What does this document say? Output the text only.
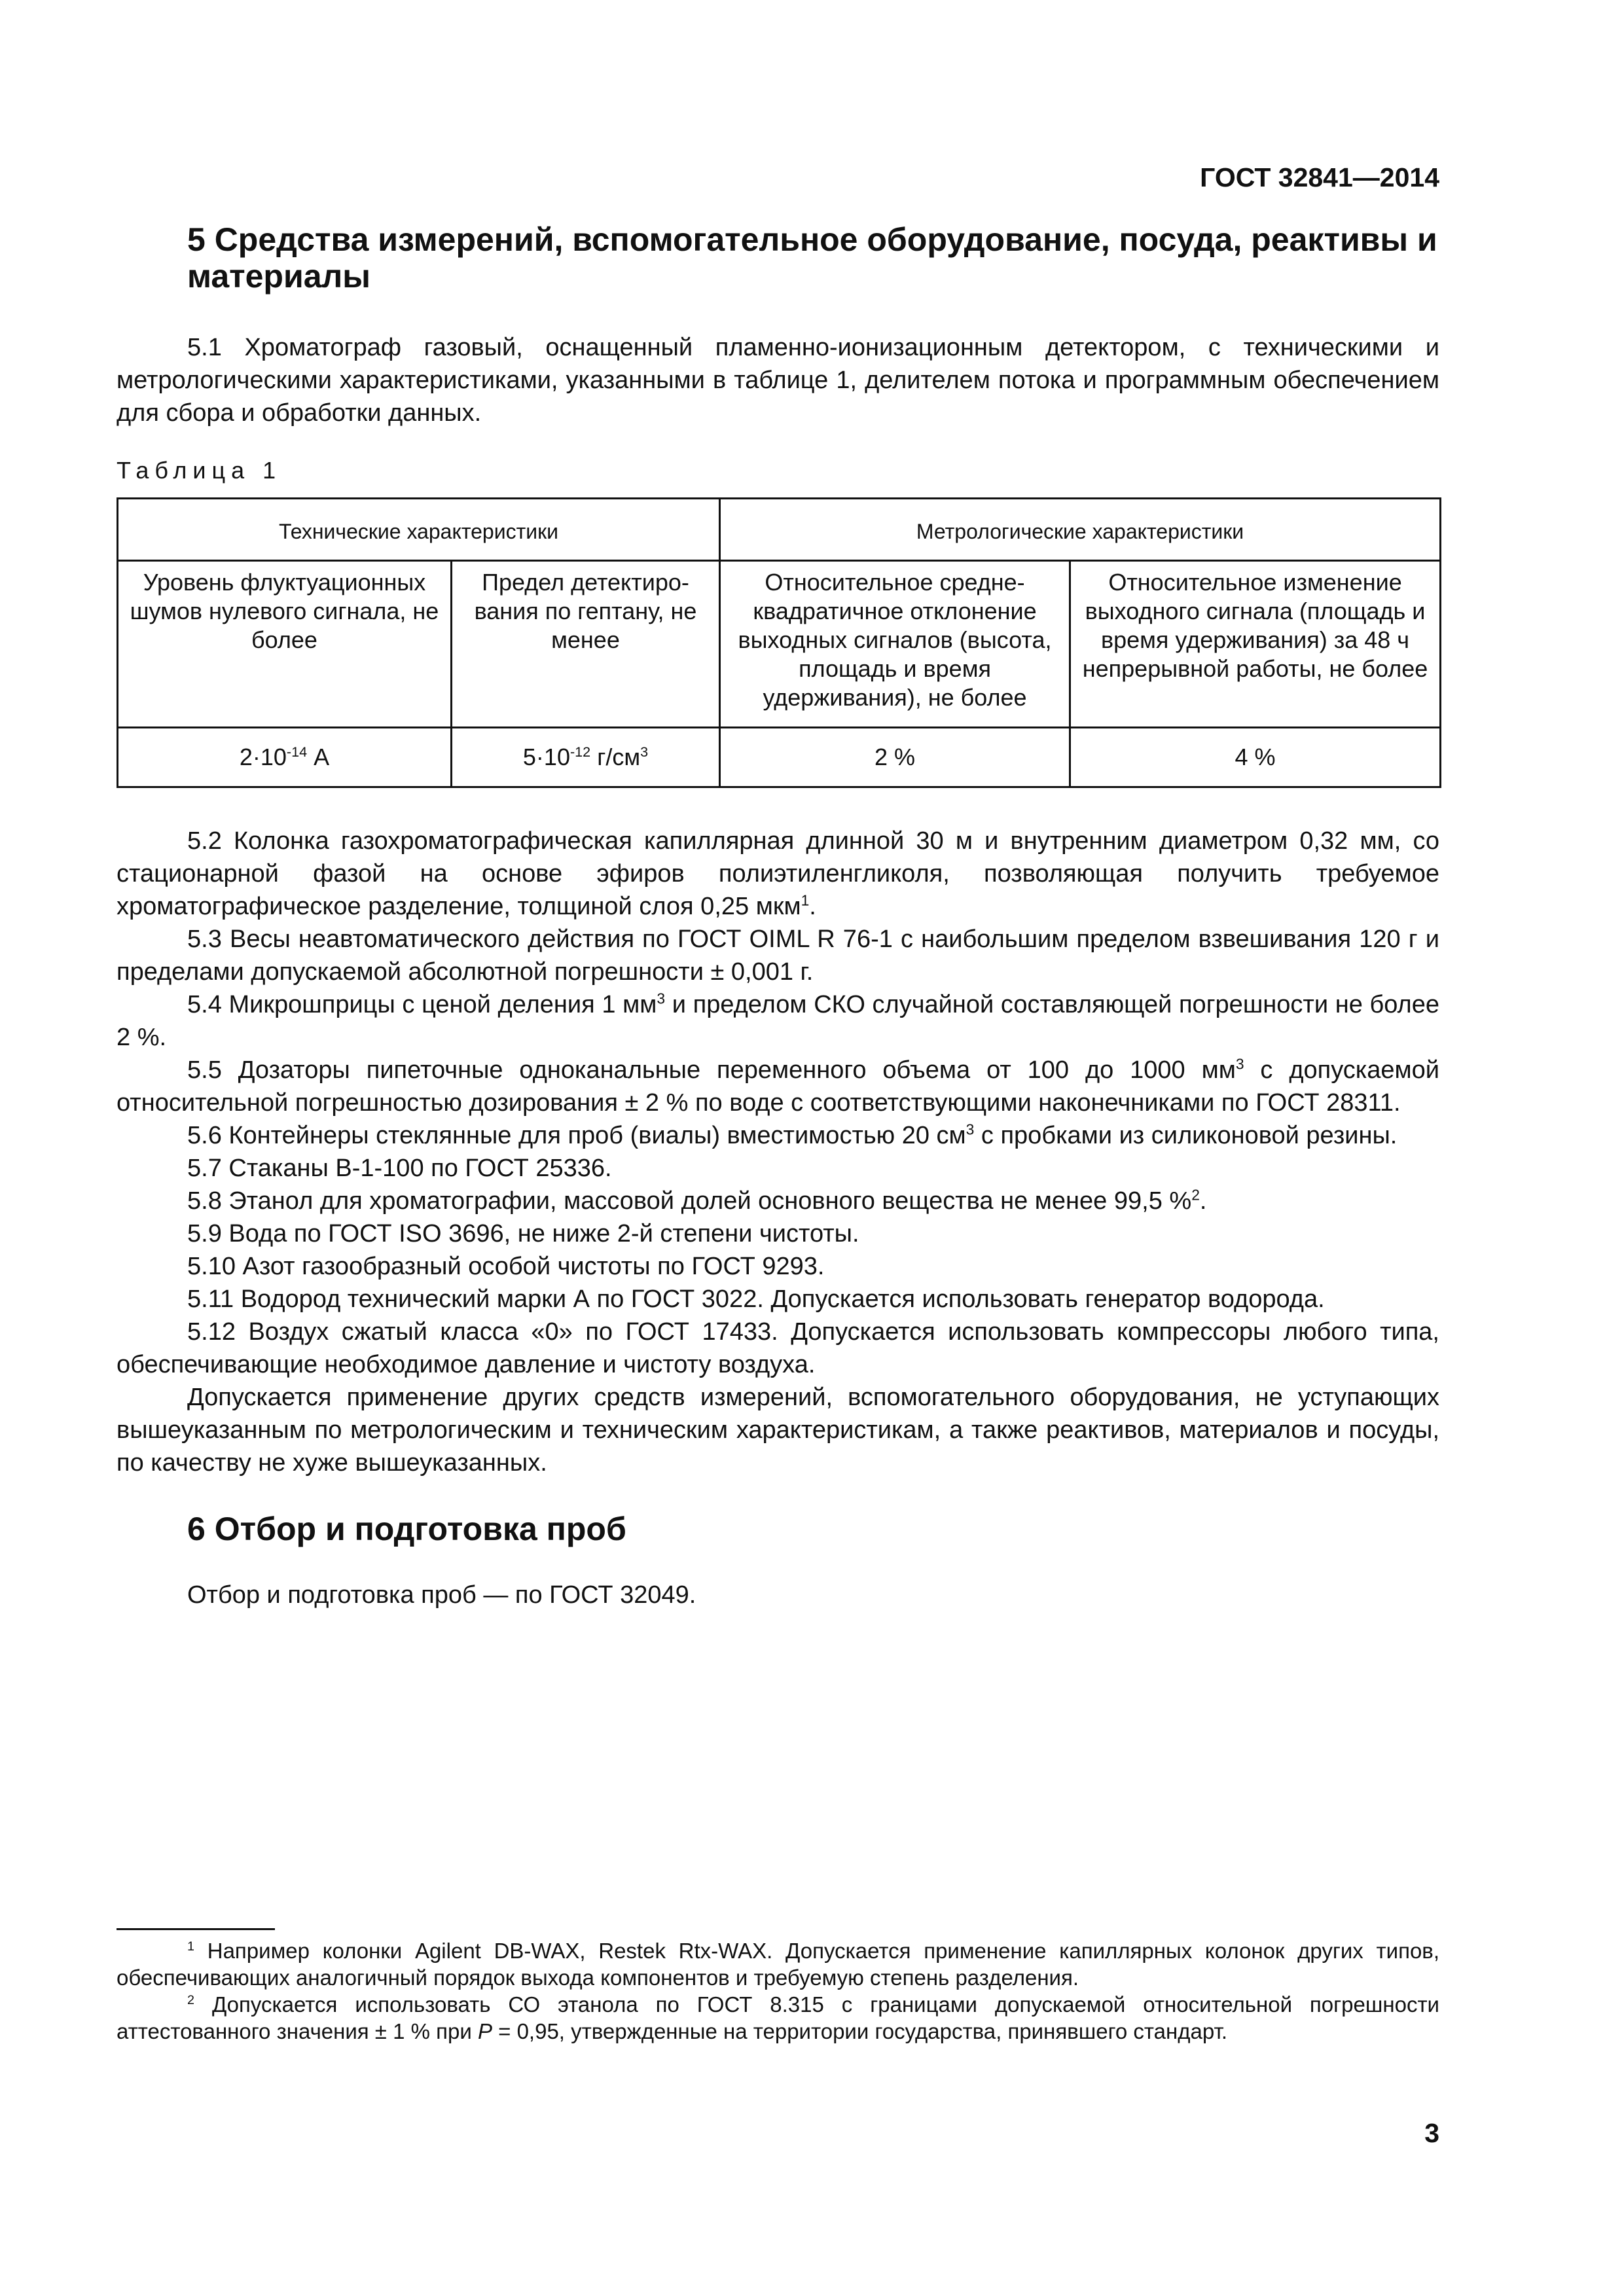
ГОСТ 32841—2014
5 Средства измерений, вспомогательное оборудование, посуда, реактивы и материалы

5.1 Хроматограф газовый, оснащенный пламенно-ионизационным детектором, с техническими и метрологическими характеристиками, указанными в таблице 1, делителем потока и программным обеспечением для сбора и обработки данных.

Таблица 1

Технические характеристики		Метрологические характеристики	
Уровень флуктуационных шумов нулевого сигнала, не более	Предел детектиро-вания по гептану, не менее	Относительное средне-квадратичное отклонение выходных сигналов (высота, площадь и время удерживания), не более	Относительное изменение выходного сигнала (площадь и время удерживания) за 48 ч непрерывной работы, не более
$2\cdot 10^{-14}$ А	$5\cdot 10^{-12}$ $г/см^3$	2 %	4 %

5.2 Колонка газохроматографическая капиллярная длинной 30 м и внутренним диаметром 0,32 мм, со стационарной фазой на основе эфиров полиэтиленгликоля, позволяющая получить требуемое хроматографическое разделение, толщиной слоя 0,25 мкм$^1$.

5.3 Весы неавтоматического действия по ГОСТ OIML R 76-1 с наибольшим пределом взвешивания 120 г и пределами допускаемой абсолютной погрешности ± 0,001 г.

5.4 Микрошприцы с ценой деления 1 $мм^3$ и пределом СКО случайной составляющей погрешности не более 2 %.

5.5 Дозаторы пипеточные одноканальные переменного объема от 100 до 1000 $мм^3$ с допускаемой относительной погрешностью дозирования ± 2 % по воде с соответствующими наконечниками по ГОСТ 28311.

5.6 Контейнеры стеклянные для проб (виалы) вместимостью 20 $см^3$ с пробками из силиконовой резины.

5.7 Стаканы В-1-100 по ГОСТ 25336.

5.8 Этанол для хроматографии, массовой долей основного вещества не менее 99,5 %$^2$.

5.9 Вода по ГОСТ ISO 3696, не ниже 2-й степени чистоты.

5.10 Азот газообразный особой чистоты по ГОСТ 9293.

5.11 Водород технический марки А по ГОСТ 3022. Допускается использовать генератор водорода.

5.12 Воздух сжатый класса «0» по ГОСТ 17433. Допускается использовать компрессоры любого типа, обеспечивающие необходимое давление и чистоту воздуха.

Допускается применение других средств измерений, вспомогательного оборудования, не уступающих вышеуказанным по метрологическим и техническим характеристикам, а также реактивов, материалов и посуды, по качеству не хуже вышеуказанных.

6 Отбор и подготовка проб

Отбор и подготовка проб — по ГОСТ 32049.

$^1$ Например колонки Agilent DB-WAX, Restek Rtx-WAX. Допускается применение капиллярных колонок других типов, обеспечивающих аналогичный порядок выхода компонентов и требуемую степень разделения.

$^2$ Допускается использовать СО этанола по ГОСТ 8.315 с границами допускаемой относительной погрешности аттестованного значения ± 1 % при P = 0,95, утвержденные на территории государства, принявшего стандарт.

3
